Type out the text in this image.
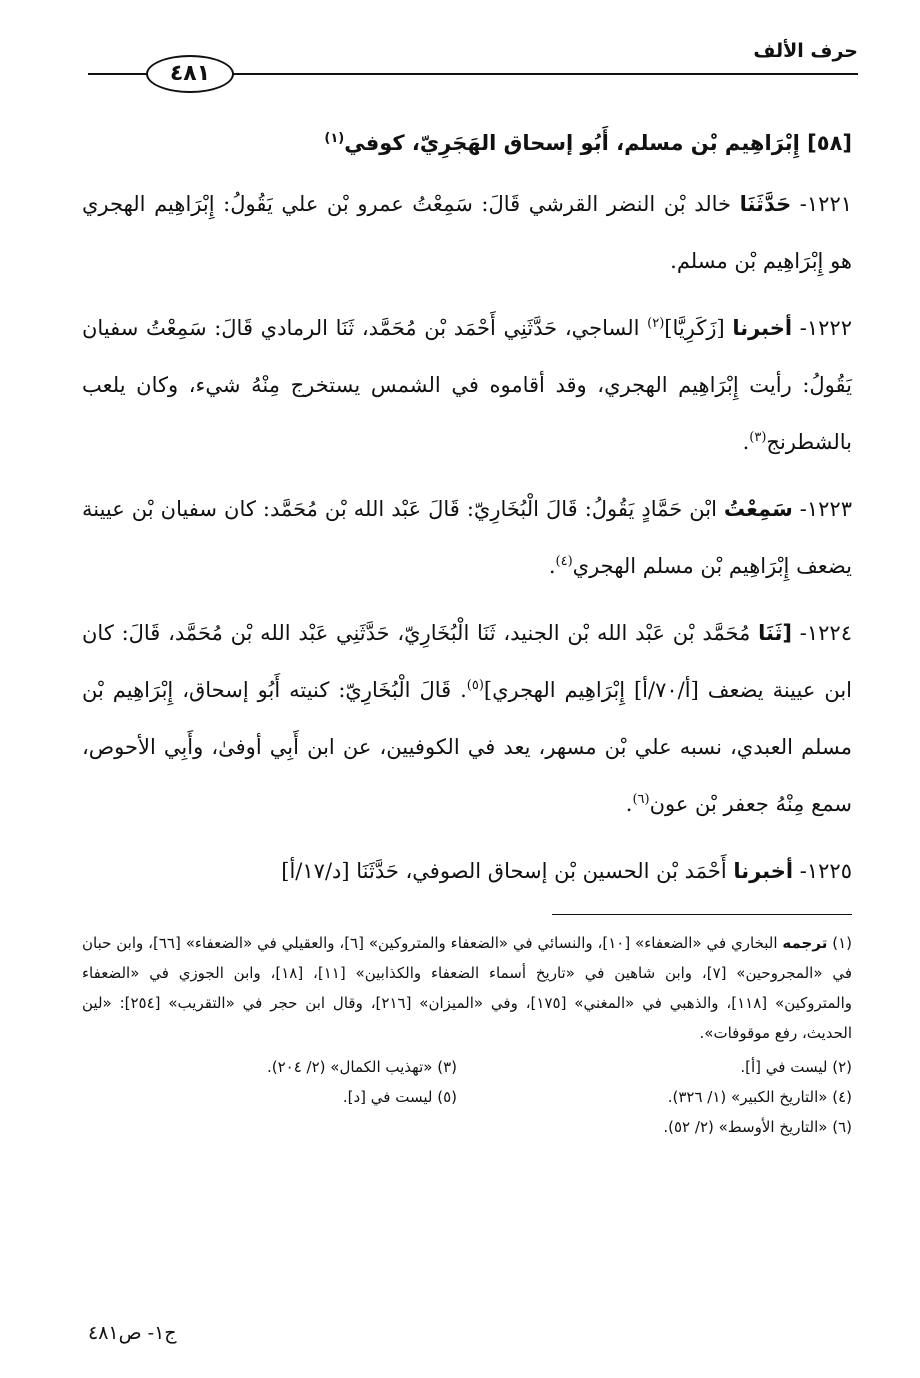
حرف الألف
٤٨١

[٥٨] إِبْرَاهِيم بْن مسلم، أَبُو إسحاق الهَجَرِيّ، كوفي$^{(١)}$

١٢٢١- حَدَّثَنَا خالد بْن النضر القرشي قَالَ: سَمِعْتُ عمرو بْن علي يَقُولُ: إِبْرَاهِيم الهجري هو إِبْرَاهِيم بْن مسلم.

١٢٢٢- أخبرنا [زَكَرِيَّا]$^{(٢)}$ الساجي، حَدَّثَنِي أَحْمَد بْن مُحَمَّد، ثَنَا الرمادي قَالَ: سَمِعْتُ سفيان يَقُولُ: رأيت إِبْرَاهِيم الهجري، وقد أقاموه في الشمس يستخرج مِنْهُ شيء، وكان يلعب بالشطرنج$^{(٣)}$.

١٢٢٣- سَمِعْتُ ابْن حَمَّادٍ يَقُولُ: قَالَ الْبُخَارِيّ: قَالَ عَبْد الله بْن مُحَمَّد: كان سفيان بْن عيينة يضعف إِبْرَاهِيم بْن مسلم الهجري$^{(٤)}$.

١٢٢٤- [ثَنَا مُحَمَّد بْن عَبْد الله بْن الجنيد، ثَنَا الْبُخَارِيّ، حَدَّثَنِي عَبْد الله بْن مُحَمَّد، قَالَ: كان ابن عيينة يضعف [أ/٧٠/أ] إِبْرَاهِيم الهجري]$^{(٥)}$. قَالَ الْبُخَارِيّ: كنيته أَبُو إسحاق، إِبْرَاهِيم بْن مسلم العبدي، نسبه علي بْن مسهر، يعد في الكوفيين، عن ابن أَبِي أوفىٰ، وأَبِي الأحوص، سمع مِنْهُ جعفر بْن عون$^{(٦)}$.

١٢٢٥- أخبرنا أَحْمَد بْن الحسين بْن إسحاق الصوفي، حَدَّثَنَا [د/١٧/أ]

(١) ترجمه البخاري في «الضعفاء» [١٠]، والنسائي في «الضعفاء والمتروكين» [٦]، والعقيلي في «الضعفاء» [٦٦]، وابن حبان في «المجروحين» [٧]، وابن شاهين في «تاريخ أسماء الضعفاء والكذابين» [١١]، [١٨]، وابن الجوزي في «الضعفاء والمتروكين» [١١٨]، والذهبي في «المغني» [١٧٥]، وفي «الميزان» [٢١٦]، وقال ابن حجر في «التقريب» [٢٥٤]: «لين الحديث، رفع موقوفات».

(٢) ليست في [أ].
(٣) «تهذيب الكمال» (٢/ ٢٠٤).
(٤) «التاريخ الكبير» (١/ ٣٢٦).
(٥) ليست في [د].
(٦) «التاريخ الأوسط» (٢/ ٥٢).
ج١- ص٤٨١
